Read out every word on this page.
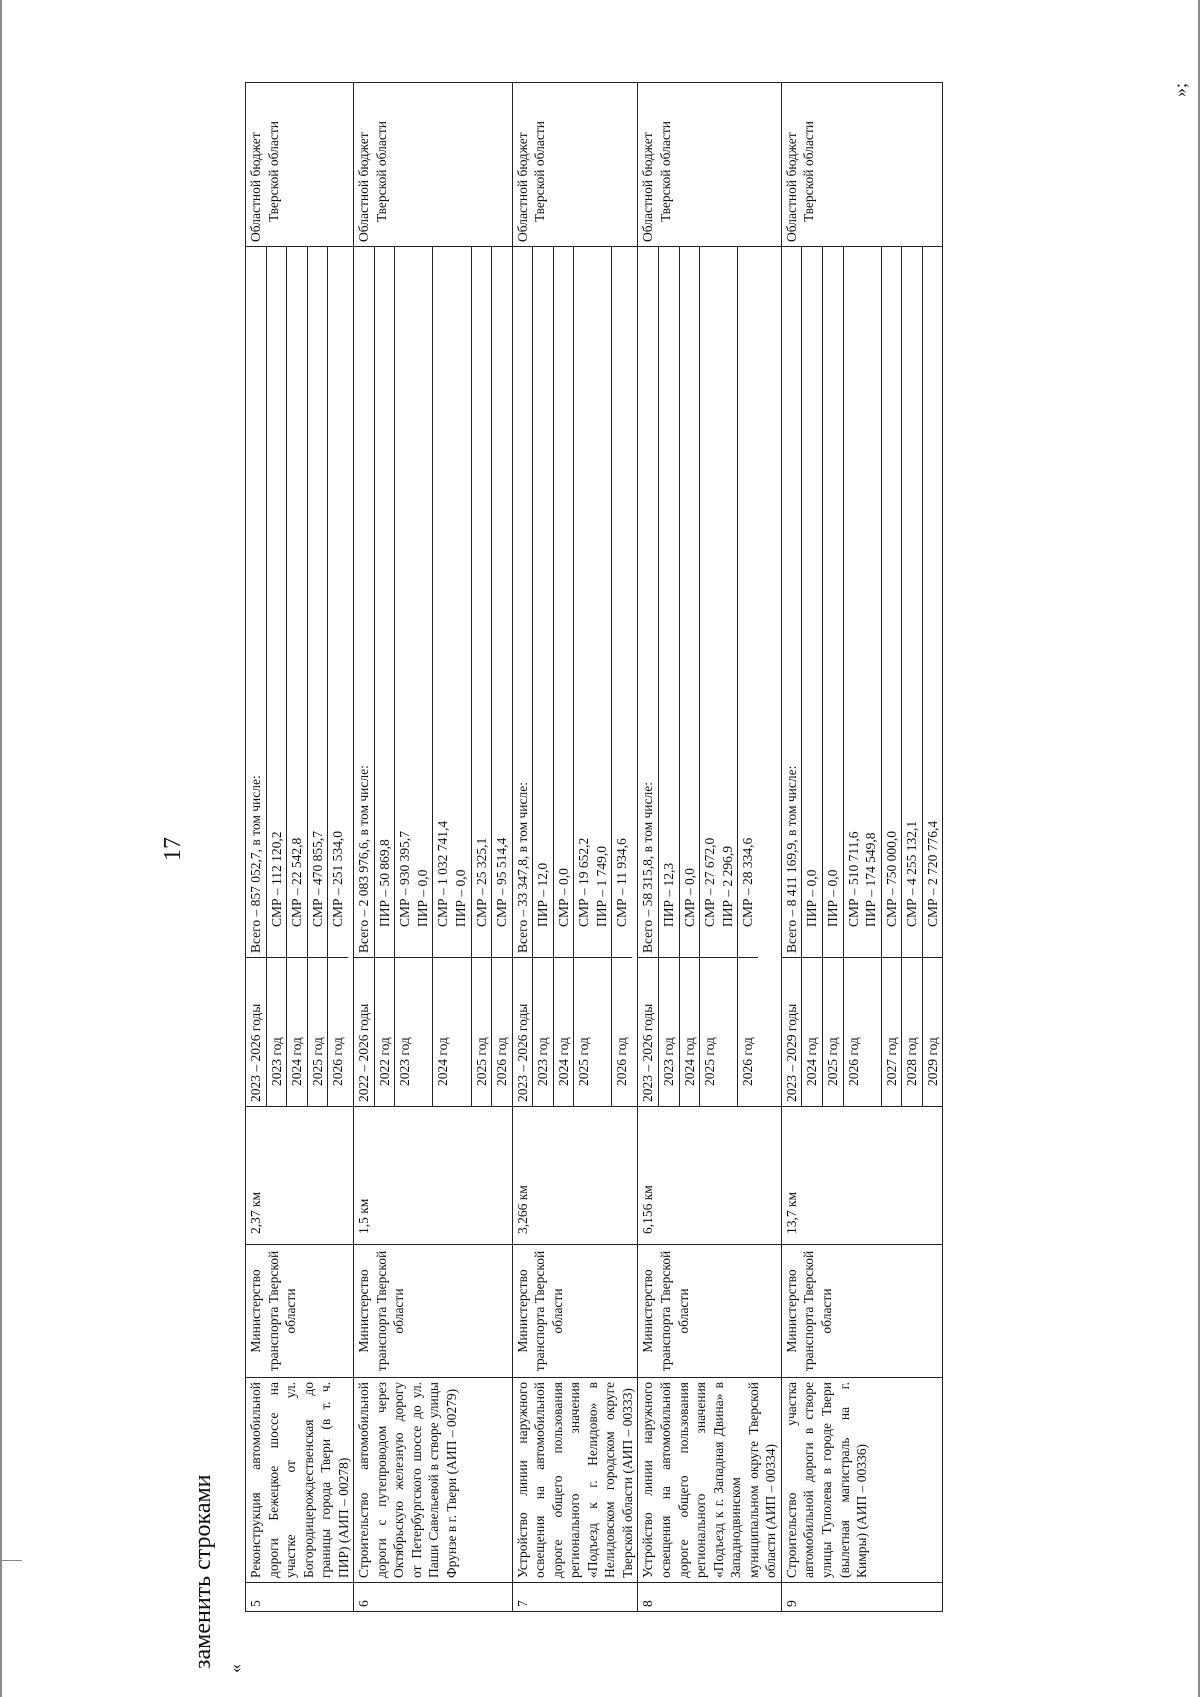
17
заменить строками «
5	Реконструкция автомобильной дороги Бежецкое шоссе на участке от ул. Богородицерождественская до границы города Твери (в т. ч. ПИР) (АИП – 00278)	Министерство транспорта Тверской области	2,37 км	
2023 – 2026 годы	Всего – 857 052,7, в том числе:
2023 год	СМР – 112 120,2
2024 год	СМР – 22 542,8
2025 год	СМР – 470 855,7
2026 год	СМР – 251 534,0

Областной бюджет Тверской области

6	Строительство автомобильной дороги с путепроводом через Октябрьскую железную дорогу от Петербургского шоссе до ул. Паши Савельевой в створе улицы Фрунзе в г. Твери (АИП – 00279)	Министерство транспорта Тверской области	1,5 км	
2022 – 2026 годы	Всего – 2 083 976,6, в том числе:
2022 год	ПИР – 50 869,8
2023 год	СМР – 930 395,7
ПИР – 0,0
2024 год	СМР – 1 032 741,4
ПИР – 0,0
2025 год	СМР – 25 325,1
2026 год	СМР – 95 514,4

Областной бюджет Тверской области

7	Устройство линии наружного освещения на автомобильной дороге общего пользования регионального значения «Подъезд к г. Нелидово» в Нелидовском городском округе Тверской области (АИП – 00333)	Министерство транспорта Тверской области	3,266 км	
2023 – 2026 годы	Всего – 33 347,8, в том числе:
2023 год	ПИР – 12,0
2024 год	СМР – 0,0
2025 год	СМР – 19 652,2
ПИР – 1 749,0
2026 год	СМР – 11 934,6

Областной бюджет Тверской области

8	Устройство линии наружного освещения на автомобильной дороге общего пользования регионального значения «Подъезд к г. Западная Двина» в Западнодвинском муниципальном округе Тверской области (АИП – 00334)	Министерство транспорта Тверской области	6,156 км	
2023 – 2026 годы	Всего – 58 315,8, в том числе:
2023 год	ПИР – 12,3
2024 год	СМР – 0,0
2025 год	СМР – 27 672,0
ПИР – 2 296,9
2026 год	СМР – 28 334,6

Областной бюджет Тверской области

9	Строительство участка автомобильной дороги в створе улицы Туполева в городе Твери (вылетная магистраль на г. Кимры) (АИП – 00336)	Министерство транспорта Тверской области	13,7 км	
2023 – 2029 годы	Всего – 8 411 169,9, в том числе:
2024 год	ПИР – 0,0
2025 год	ПИР – 0,0
2026 год	СМР – 510 711,6
ПИР – 174 549,8
2027 год	СМР – 750 000,0
2028 год	СМР – 4 255 132,1
2029 год	СМР – 2 720 776,4

Областной бюджет Тверской области
»;
